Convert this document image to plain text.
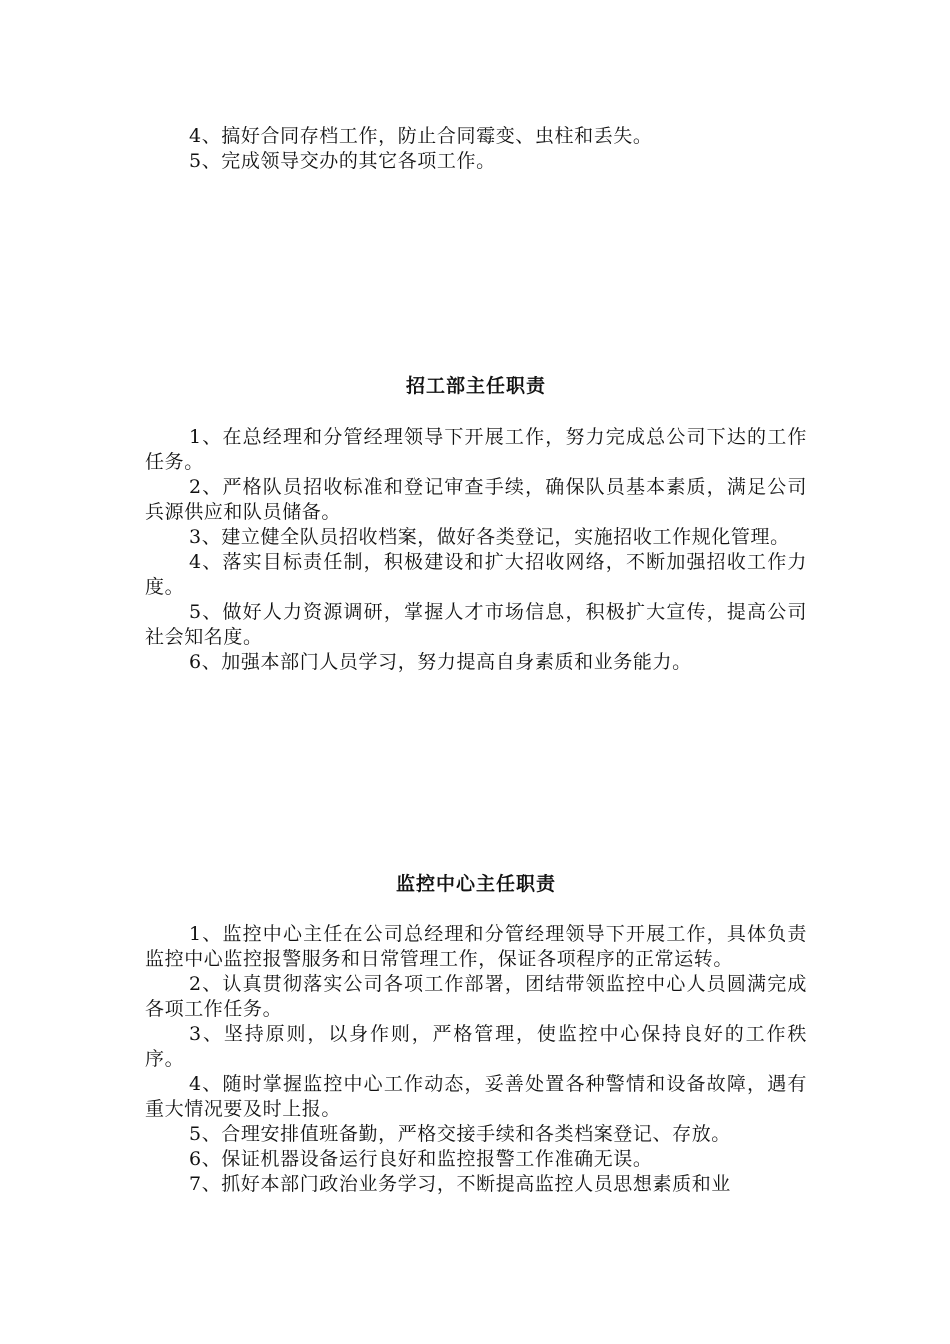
4、搞好合同存档工作，防止合同霉变、虫柱和丢失。

5、完成领导交办的其它各项工作。

招工部主任职责

1、在总经理和分管经理领导下开展工作，努力完成总公司下达的工作任务。

2、严格队员招收标准和登记审查手续，确保队员基本素质，满足公司兵源供应和队员储备。

3、建立健全队员招收档案，做好各类登记，实施招收工作规化管理。

4、落实目标责任制，积极建设和扩大招收网络，不断加强招收工作力度。

5、做好人力资源调研，掌握人才市场信息，积极扩大宣传，提高公司社会知名度。

6、加强本部门人员学习，努力提高自身素质和业务能力。

监控中心主任职责

1、监控中心主任在公司总经理和分管经理领导下开展工作，具体负责监控中心监控报警服务和日常管理工作，保证各项程序的正常运转。

2、认真贯彻落实公司各项工作部署，团结带领监控中心人员圆满完成各项工作任务。

3、坚持原则，以身作则，严格管理，使监控中心保持良好的工作秩序。

4、随时掌握监控中心工作动态，妥善处置各种警情和设备故障，遇有重大情况要及时上报。

5、合理安排值班备勤，严格交接手续和各类档案登记、存放。

6、保证机器设备运行良好和监控报警工作准确无误。

7、抓好本部门政治业务学习，不断提高监控人员思想素质和业
